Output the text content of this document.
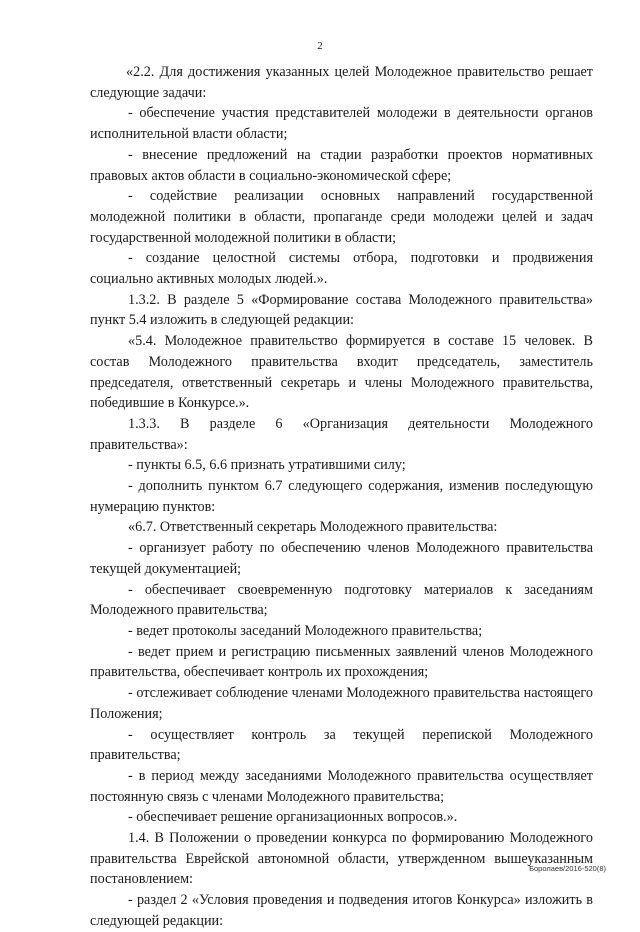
2

«2.2. Для достижения указанных целей Молодежное правительство решает следующие задачи:

- обеспечение участия представителей молодежи в деятельности органов исполнительной власти области;

- внесение предложений на стадии разработки проектов нормативных правовых актов области в социально-экономической сфере;

- содействие реализации основных направлений государственной молодежной политики в области, пропаганде среди молодежи целей и задач государственной молодежной политики в области;

- создание целостной системы отбора, подготовки и продвижения социально активных молодых людей.».

1.3.2. В разделе 5 «Формирование состава Молодежного правительства» пункт 5.4 изложить в следующей редакции:

«5.4. Молодежное правительство формируется в составе 15 человек. В состав Молодежного правительства входит председатель, заместитель председателя, ответственный секретарь и члены Молодежного правительства, победившие в Конкурсе.».

1.3.3. В разделе 6 «Организация деятельности Молодежного правительства»:

- пункты 6.5, 6.6 признать утратившими силу;

- дополнить пунктом 6.7 следующего содержания, изменив последующую нумерацию пунктов:

«6.7. Ответственный секретарь Молодежного правительства:

- организует работу по обеспечению членов Молодежного правительства текущей документацией;

- обеспечивает своевременную подготовку материалов к заседаниям Молодежного правительства;

- ведет протоколы заседаний Молодежного правительства;

- ведет прием и регистрацию письменных заявлений членов Молодежного правительства, обеспечивает контроль их прохождения;

- отслеживает соблюдение членами Молодежного правительства настоящего Положения;

- осуществляет контроль за текущей перепиской Молодежного правительства;

- в период между заседаниями Молодежного правительства осуществляет постоянную связь с членами Молодежного правительства;

- обеспечивает решение организационных вопросов.».

1.4. В Положении о проведении конкурса по формированию Молодежного правительства Еврейской автономной области, утвержденном вышеуказанным постановлением:

- раздел 2 «Условия проведения и подведения итогов Конкурса» изложить в следующей редакции:

Боролаев/2016-520(8)
